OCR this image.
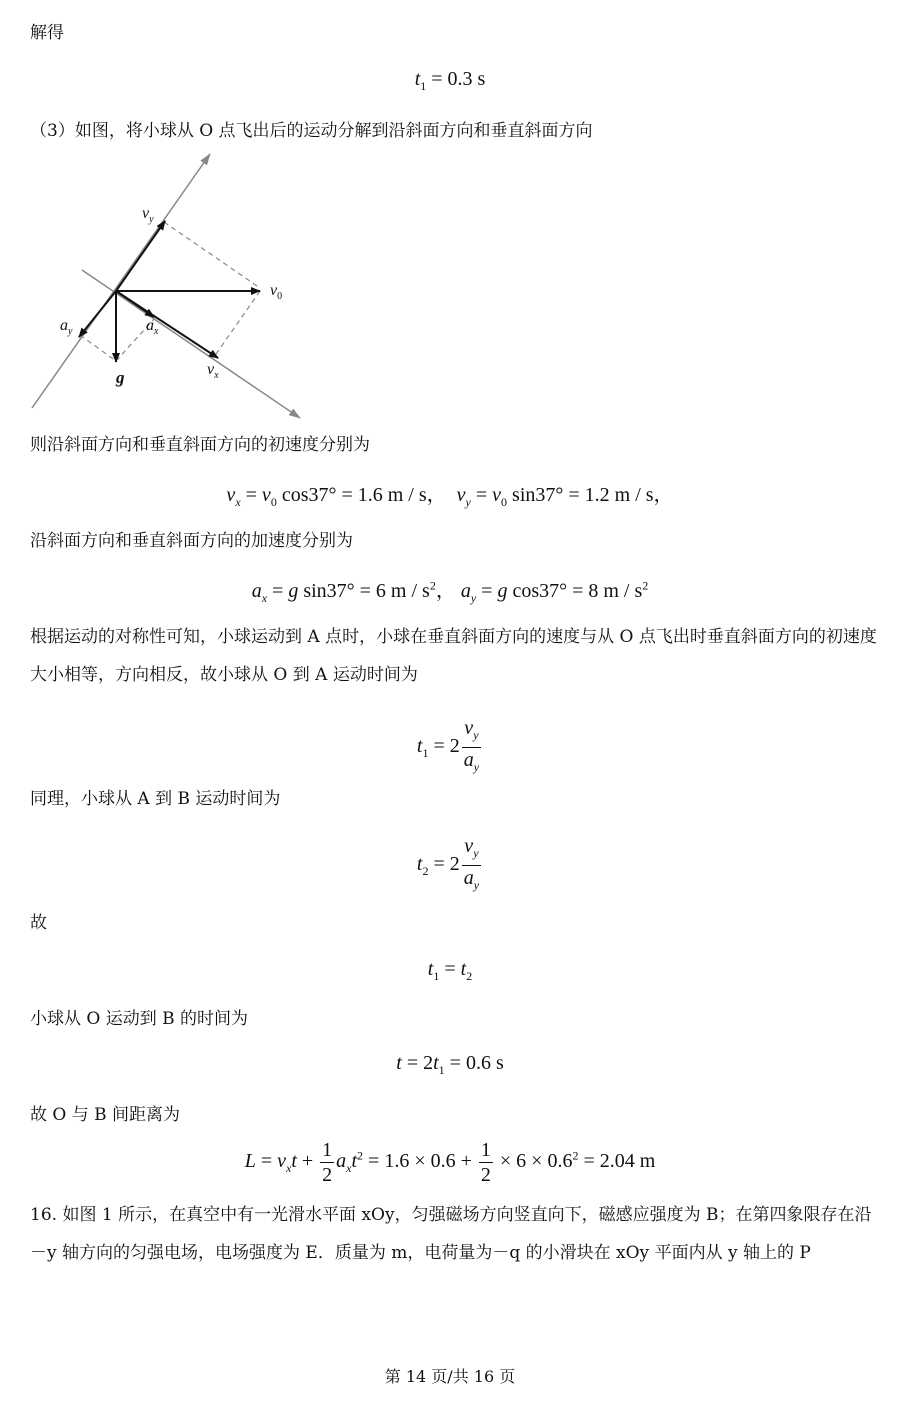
解得
$t_1 = 0.3$ s
（3）如图，将小球从 O 点飞出后的运动分解到沿斜面方向和垂直斜面方向
$v_y$
$v_0$
$a_y$	$a_x$
g	$v_x$
则沿斜面方向和垂直斜面方向的初速度分别为
$v_x = v_0$ cos37° = 1.6 m / s，  $v_y = v_0$ sin37° = 1.2 m / s，
沿斜面方向和垂直斜面方向的加速度分别为
$a_x = g$ sin37° = 6 m / $s^2$， $a_y = g$ cos37° = 8 m / $s^2$
根据运动的对称性可知，小球运动到 A 点时，小球在垂直斜面方向的速度与从 O 点飞出时垂直斜面方向的初速度大小相等，方向相反，故小球从 O 到 A 运动时间为
$t_1 = 2 \frac{v_y}{a_y}$
同理，小球从 A 到 B 运动时间为
$t_2 = 2 \frac{v_y}{a_y}$
故
$t_1 = t_2$
小球从 O 运动到 B 的时间为
$t = 2t_1 = 0.6$ s
故 O 与 B 间距离为
$L = v_xt + \frac{1}{2} a_xt^2 = 1.6 \times 0.6 + \frac{1}{2} \times 6 \times 0.6^2 = 2.04$ m
16. 如图 1 所示，在真空中有一光滑水平面 xOy，匀强磁场方向竖直向下，磁感应强度为 B；在第四象限存在沿－y 轴方向的匀强电场，电场强度为 E．质量为 m，电荷量为－q 的小滑块在 xOy 平面内从 y 轴上的 P
第 14 页/共 16 页
